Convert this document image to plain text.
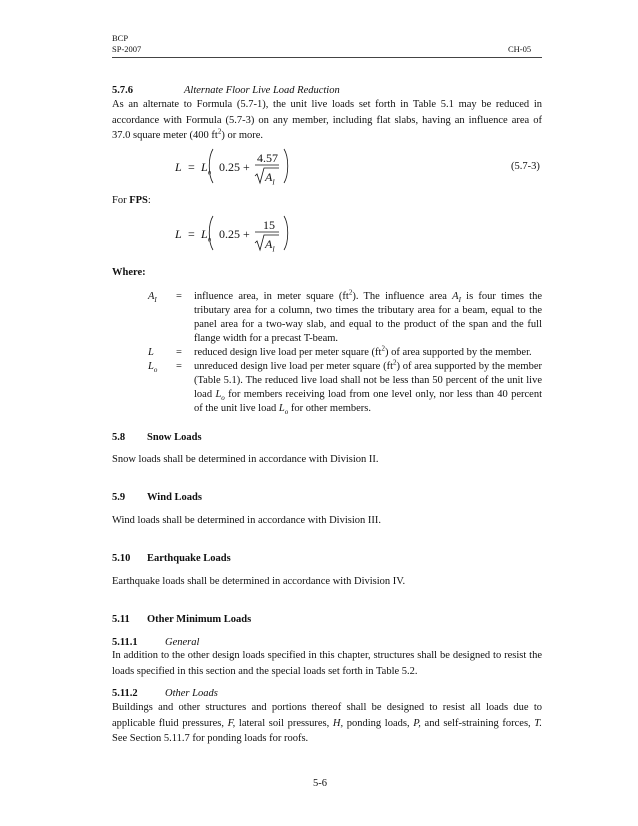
BCP
SP-2007	CH-05
5.7.6	Alternate Floor Live Load Reduction

As an alternate to Formula (5.7-1), the unit live loads set forth in Table 5.1 may be reduced in accordance with Formula (5.7-3) on any member, including flat slabs, having an influence area of 37.0 square meter (400 $ft^2$) or more.

$L = L_o$ 0.25 +
4.57
$A_I$
(5.7-3)
For FPS:
$L = L_o$ 0.25 +
15
$A_I$
Where:
$A_I$	=	influence area, in meter square $(ft^2)$. The influence area $A_I$ is four times the tributary area for a column, two times the tributary area for a beam, equal to the panel area for a two-way slab, and equal to the product of the span and the full flange width for a precast T-beam.
L	=	reduced design live load per meter square $(ft^2)$ of area supported by the member.
$L_o$	=	unreduced design live load per meter square $(ft^2)$ of area supported by the member (Table 5.1). The reduced live load shall not be less than 50 percent of the unit live load $L_o$ for members receiving load from one level only, nor less than 40 percent of the unit live load $L_o$ for other members.
5.8 Snow Loads

Snow loads shall be determined in accordance with Division II.

5.9 Wind Loads

Wind loads shall be determined in accordance with Division III.

5.10 Earthquake Loads

Earthquake loads shall be determined in accordance with Division IV.

5.11 Other Minimum Loads
5.11.1	General

In addition to the other design loads specified in this chapter, structures shall be designed to resist the loads specified in this section and the special loads set forth in Table 5.2.

5.11.2	Other Loads

Buildings and other structures and portions thereof shall be designed to resist all loads due to applicable fluid pressures, F, lateral soil pressures, H, ponding loads, P, and self-straining forces, T. See Section 5.11.7 for ponding loads for roofs.

5-6
